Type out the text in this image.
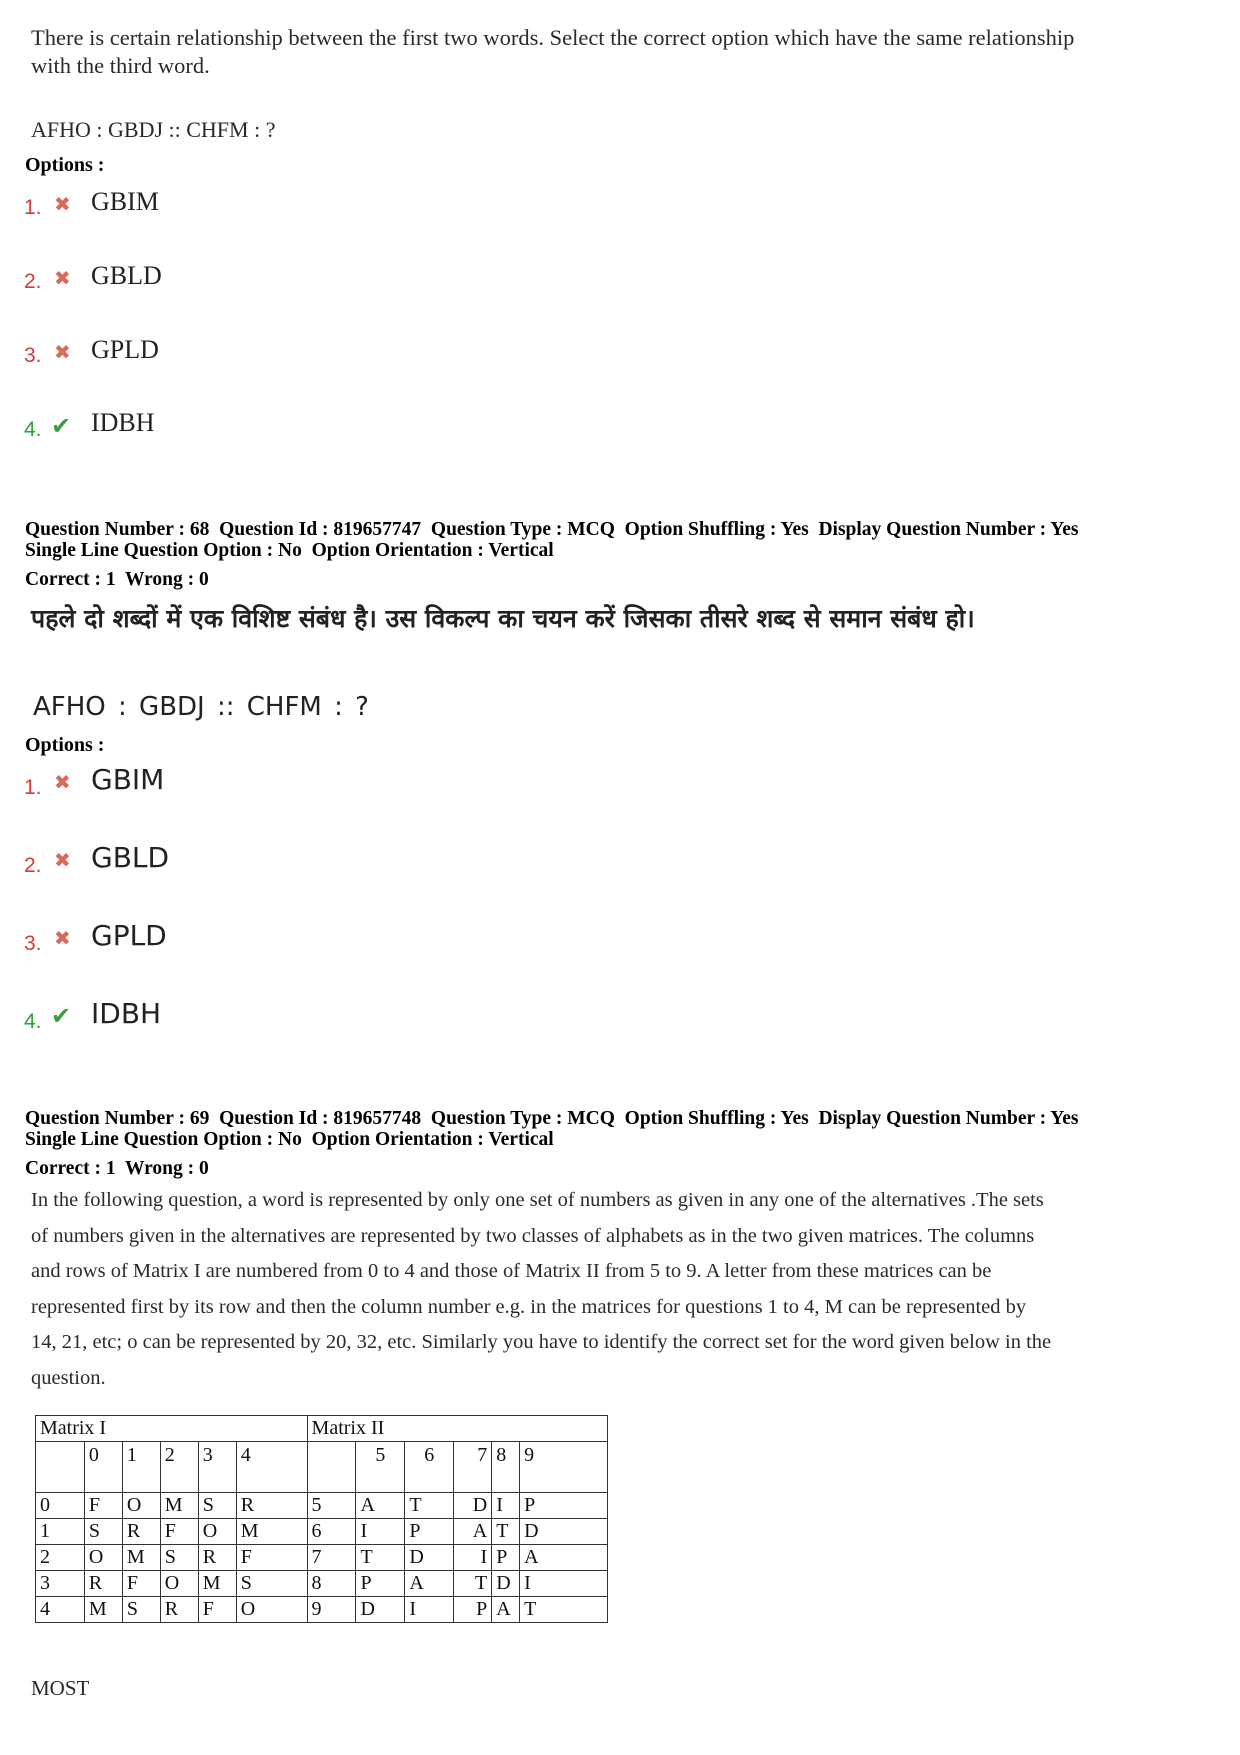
There is certain relationship between the first two words. Select the correct option which have the same relationship
with the third word.
AFHO : GBDJ :: CHFM : ?
Options :
1. ✖ GBIM
2. ✖ GBLD
3. ✖ GPLD
4. ✔ IDBH
Question Number : 68  Question Id : 819657747  Question Type : MCQ  Option Shuffling : Yes  Display Question Number : Yes
Single Line Question Option : No  Option Orientation : Vertical
Correct : 1  Wrong : 0
पहले दो शब्दों में एक विशिष्ट संबंध है। उस विकल्प का चयन करें जिसका तीसरे शब्द से समान संबंध हो।
AFHO : GBDJ :: CHFM : ?
Options :
1. ✖ GBIM
2. ✖ GBLD
3. ✖ GPLD
4. ✔ IDBH
Question Number : 69  Question Id : 819657748  Question Type : MCQ  Option Shuffling : Yes  Display Question Number : Yes
Single Line Question Option : No  Option Orientation : Vertical
Correct : 1  Wrong : 0
In the following question, a word is represented by only one set of numbers as given in any one of the alternatives .The sets
of numbers given in the alternatives are represented by two classes of alphabets as in the two given matrices. The columns
and rows of Matrix I are numbered from 0 to 4 and those of Matrix II from 5 to 9. A letter from these matrices can be
represented first by its row and then the column number e.g. in the matrices for questions 1 to 4, M can be represented by
14, 21, etc; o can be represented by 20, 32, etc. Similarly you have to identify the correct set for the word given below in the
question.
Matrix I						Matrix II					
	0	1	2	3	4		5	6	7	8	9
0	F	O	M	S	R	5	A	T	D	I	P
1	S	R	F	O	M	6	I	P	A	T	D
2	O	M	S	R	F	7	T	D	I	P	A
3	R	F	O	M	S	8	P	A	T	D	I
4	M	S	R	F	O	9	D	I	P	A	T
MOST
